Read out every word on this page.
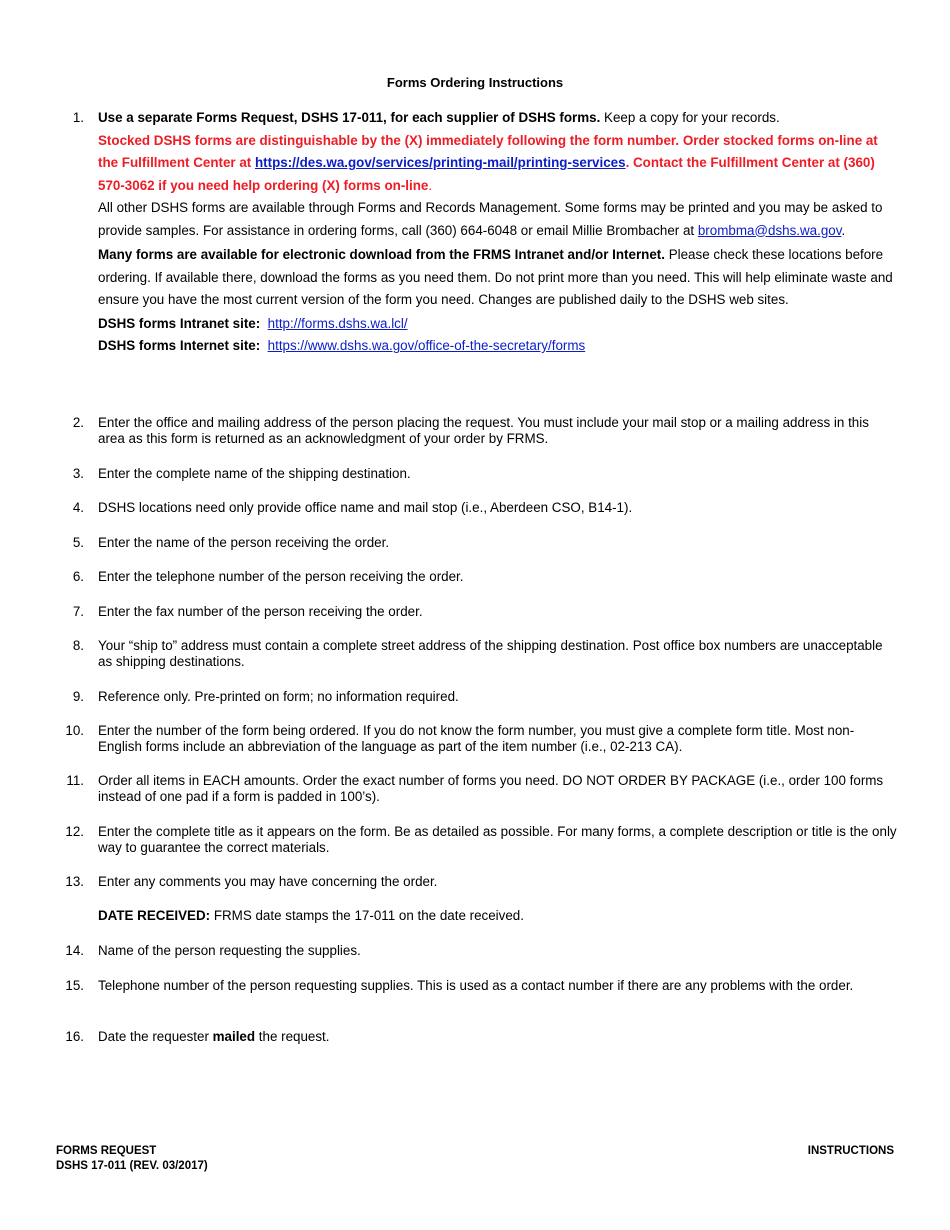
Forms Ordering Instructions
1. Use a separate Forms Request, DSHS 17-011, for each supplier of DSHS forms. Keep a copy for your records.
Stocked DSHS forms are distinguishable by the (X) immediately following the form number. Order stocked forms on-line at the Fulfillment Center at https://des.wa.gov/services/printing-mail/printing-services. Contact the Fulfillment Center at (360) 570-3062 if you need help ordering (X) forms on-line.
All other DSHS forms are available through Forms and Records Management. Some forms may be printed and you may be asked to provide samples. For assistance in ordering forms, call (360) 664-6048 or email Millie Brombacher at brombma@dshs.wa.gov.
Many forms are available for electronic download from the FRMS Intranet and/or Internet. Please check these locations before ordering. If available there, download the forms as you need them. Do not print more than you need. This will help eliminate waste and ensure you have the most current version of the form you need. Changes are published daily to the DSHS web sites.
DSHS forms Intranet site: http://forms.dshs.wa.lcl/
DSHS forms Internet site: https://www.dshs.wa.gov/office-of-the-secretary/forms
2. Enter the office and mailing address of the person placing the request. You must include your mail stop or a mailing address in this area as this form is returned as an acknowledgment of your order by FRMS.
3. Enter the complete name of the shipping destination.
4. DSHS locations need only provide office name and mail stop (i.e., Aberdeen CSO, B14-1).
5. Enter the name of the person receiving the order.
6. Enter the telephone number of the person receiving the order.
7. Enter the fax number of the person receiving the order.
8. Your “ship to” address must contain a complete street address of the shipping destination. Post office box numbers are unacceptable as shipping destinations.
9. Reference only. Pre-printed on form; no information required.
10. Enter the number of the form being ordered. If you do not know the form number, you must give a complete form title. Most non-English forms include an abbreviation of the language as part of the item number (i.e., 02-213 CA).
11. Order all items in EACH amounts. Order the exact number of forms you need. DO NOT ORDER BY PACKAGE (i.e., order 100 forms instead of one pad if a form is padded in 100’s).
12. Enter the complete title as it appears on the form. Be as detailed as possible. For many forms, a complete description or title is the only way to guarantee the correct materials.
13. Enter any comments you may have concerning the order.
DATE RECEIVED: FRMS date stamps the 17-011 on the date received.
14. Name of the person requesting the supplies.
15. Telephone number of the person requesting supplies. This is used as a contact number if there are any problems with the order.
16. Date the requester mailed the request.
FORMS REQUEST
DSHS 17-011 (REV. 03/2017)
INSTRUCTIONS
